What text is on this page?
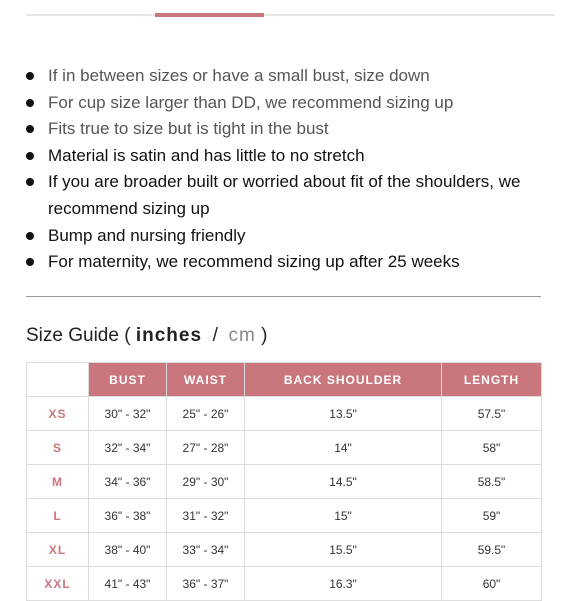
If in between sizes or have a small bust, size down
For cup size larger than DD, we recommend sizing up
Fits true to size but is tight in the bust
Material is satin and has little to no stretch
If you are broader built or worried about fit of the shoulders, we recommend sizing up
Bump and nursing friendly
For maternity, we recommend sizing up after 25 weeks
Size Guide ( inches / cm )
	BUST	WAIST	BACK SHOULDER	LENGTH
XS	30" - 32"	25" - 26"	13.5"	57.5"
S	32" - 34"	27" - 28"	14"	58"
M	34" - 36"	29" - 30"	14.5"	58.5"
L	36" - 38"	31" - 32"	15"	59"
XL	38" - 40"	33" - 34"	15.5"	59.5"
XXL	41" - 43"	36" - 37"	16.3"	60"
